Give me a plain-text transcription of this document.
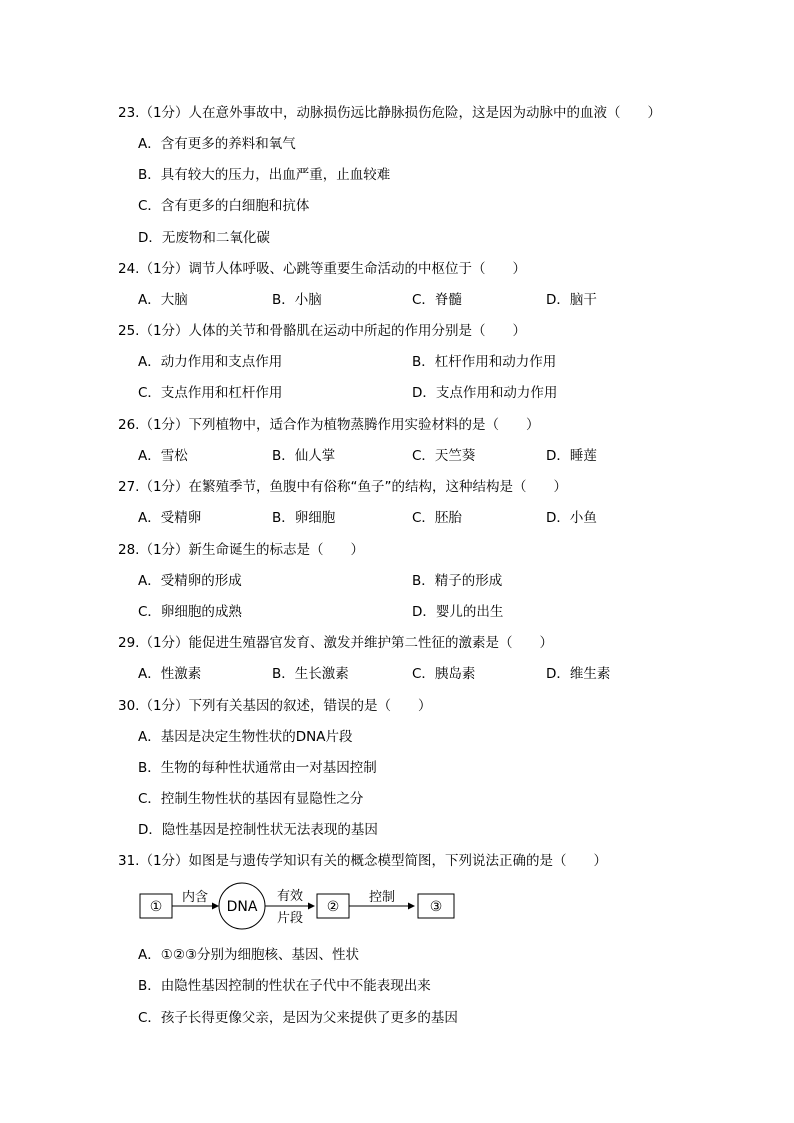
23.（1分）人在意外事故中，动脉损伤远比静脉损伤危险，这是因为动脉中的血液（　　）
A．含有更多的养料和氧气
B．具有较大的压力，出血严重，止血较难
C．含有更多的白细胞和抗体
D．无废物和二氧化碳
24.（1分）调节人体呼吸、心跳等重要生命活动的中枢位于（　　）
A．大脑	B．小脑	C．脊髓	D．脑干
25.（1分）人体的关节和骨骼肌在运动中所起的作用分别是（　　）
A．动力作用和支点作用	B．杠杆作用和动力作用
C．支点作用和杠杆作用	D．支点作用和动力作用
26.（1分）下列植物中，适合作为植物蒸腾作用实验材料的是（　　）
A．雪松	B．仙人掌	C．天竺葵	D．睡莲
27.（1分）在繁殖季节，鱼腹中有俗称“鱼子”的结构，这种结构是（　　）
A．受精卵	B．卵细胞	C．胚胎	D．小鱼
28.（1分）新生命诞生的标志是（　　）
A．受精卵的形成	B．精子的形成
C．卵细胞的成熟	D．婴儿的出生
29.（1分）能促进生殖器官发育、激发并维护第二性征的激素是（　　）
A．性激素	B．生长激素	C．胰岛素	D．维生素
30.（1分）下列有关基因的叙述，错误的是（　　）
A．基因是决定生物性状的DNA片段
B．生物的每种性状通常由一对基因控制
C．控制生物性状的基因有显隐性之分
D．隐性基因是控制性状无法表现的基因
31.（1分）如图是与遗传学知识有关的概念模型简图，下列说法正确的是（　　）
①
内含
DNA
有效
片段
②
控制
③
A．①②③分别为细胞核、基因、性状
B．由隐性基因控制的性状在子代中不能表现出来
C．孩子长得更像父亲，是因为父来提供了更多的基因
